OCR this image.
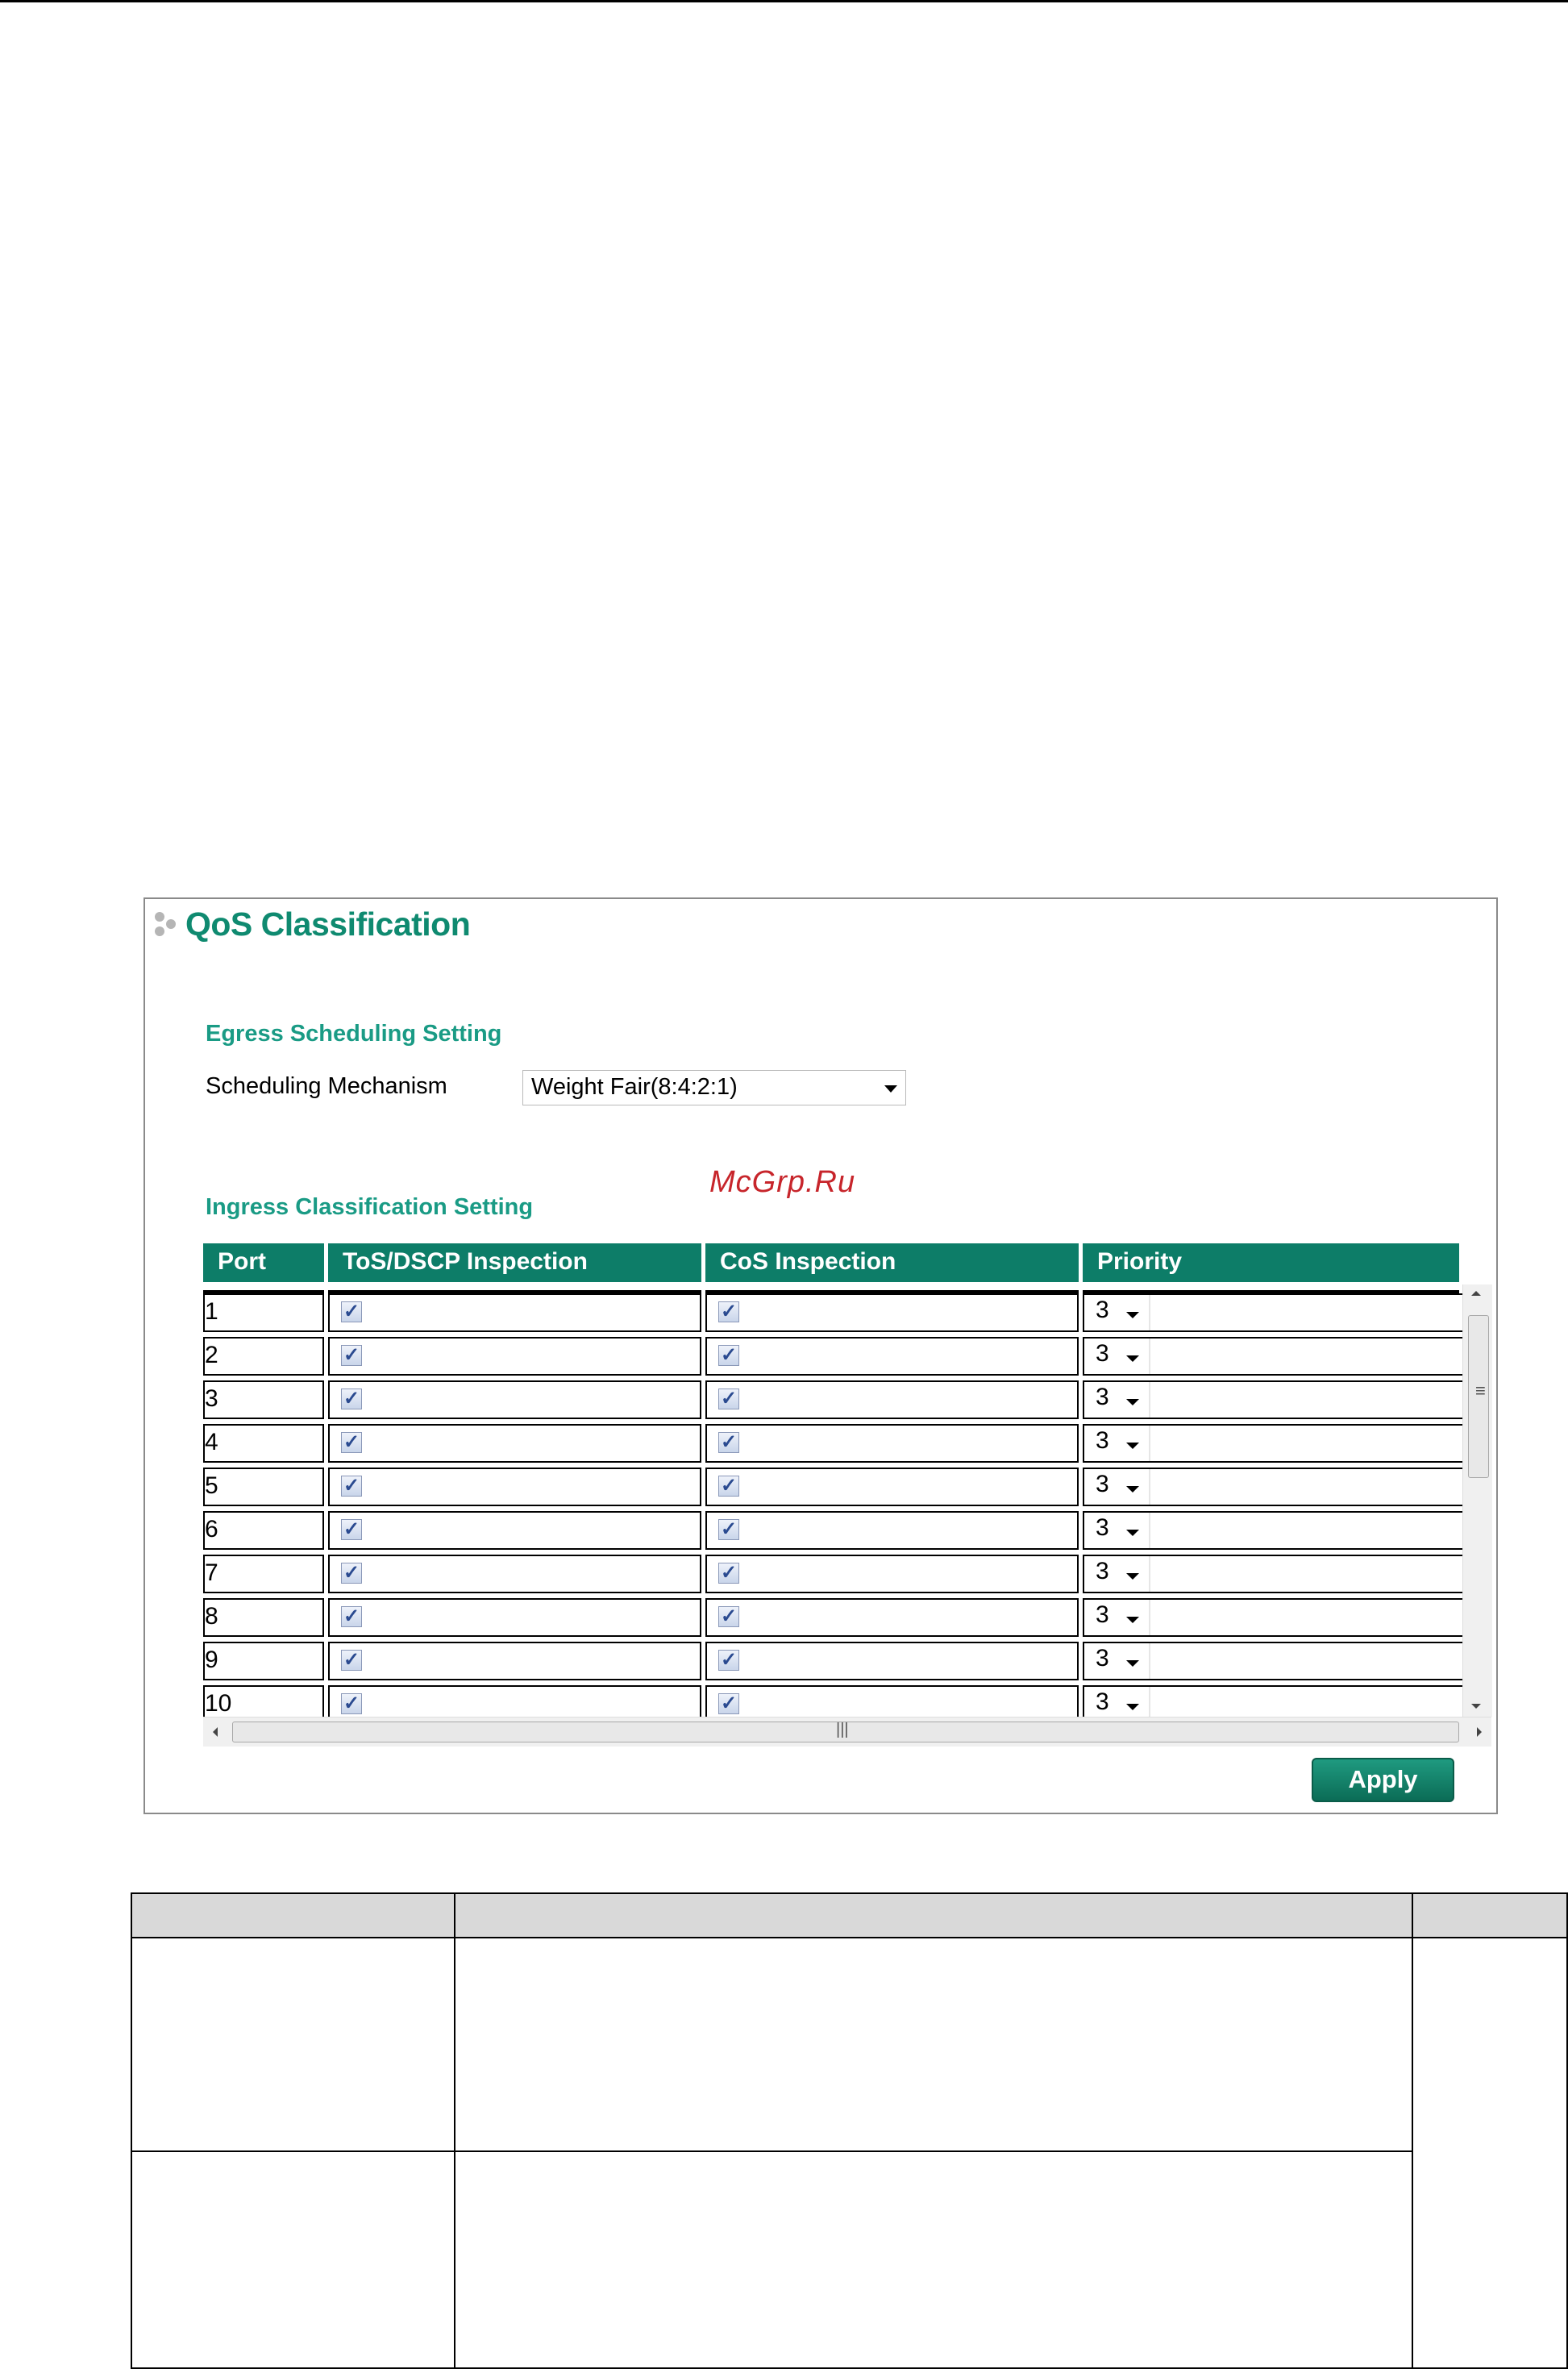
QoS Classification
Egress Scheduling Setting
Scheduling Mechanism	Weight Fair(8:4:2:1)
McGrp.Ru
Ingress Classification Setting
Port	ToS/DSCP Inspection	CoS Inspection	Priority
1	✓	✓	3
2	✓	✓	3
3	✓	✓	3
4	✓	✓	3
5	✓	✓	3
6	✓	✓	3
7	✓	✓	3
8	✓	✓	3
9	✓	✓	3
10	✓	✓	3
≡
|||
Apply
